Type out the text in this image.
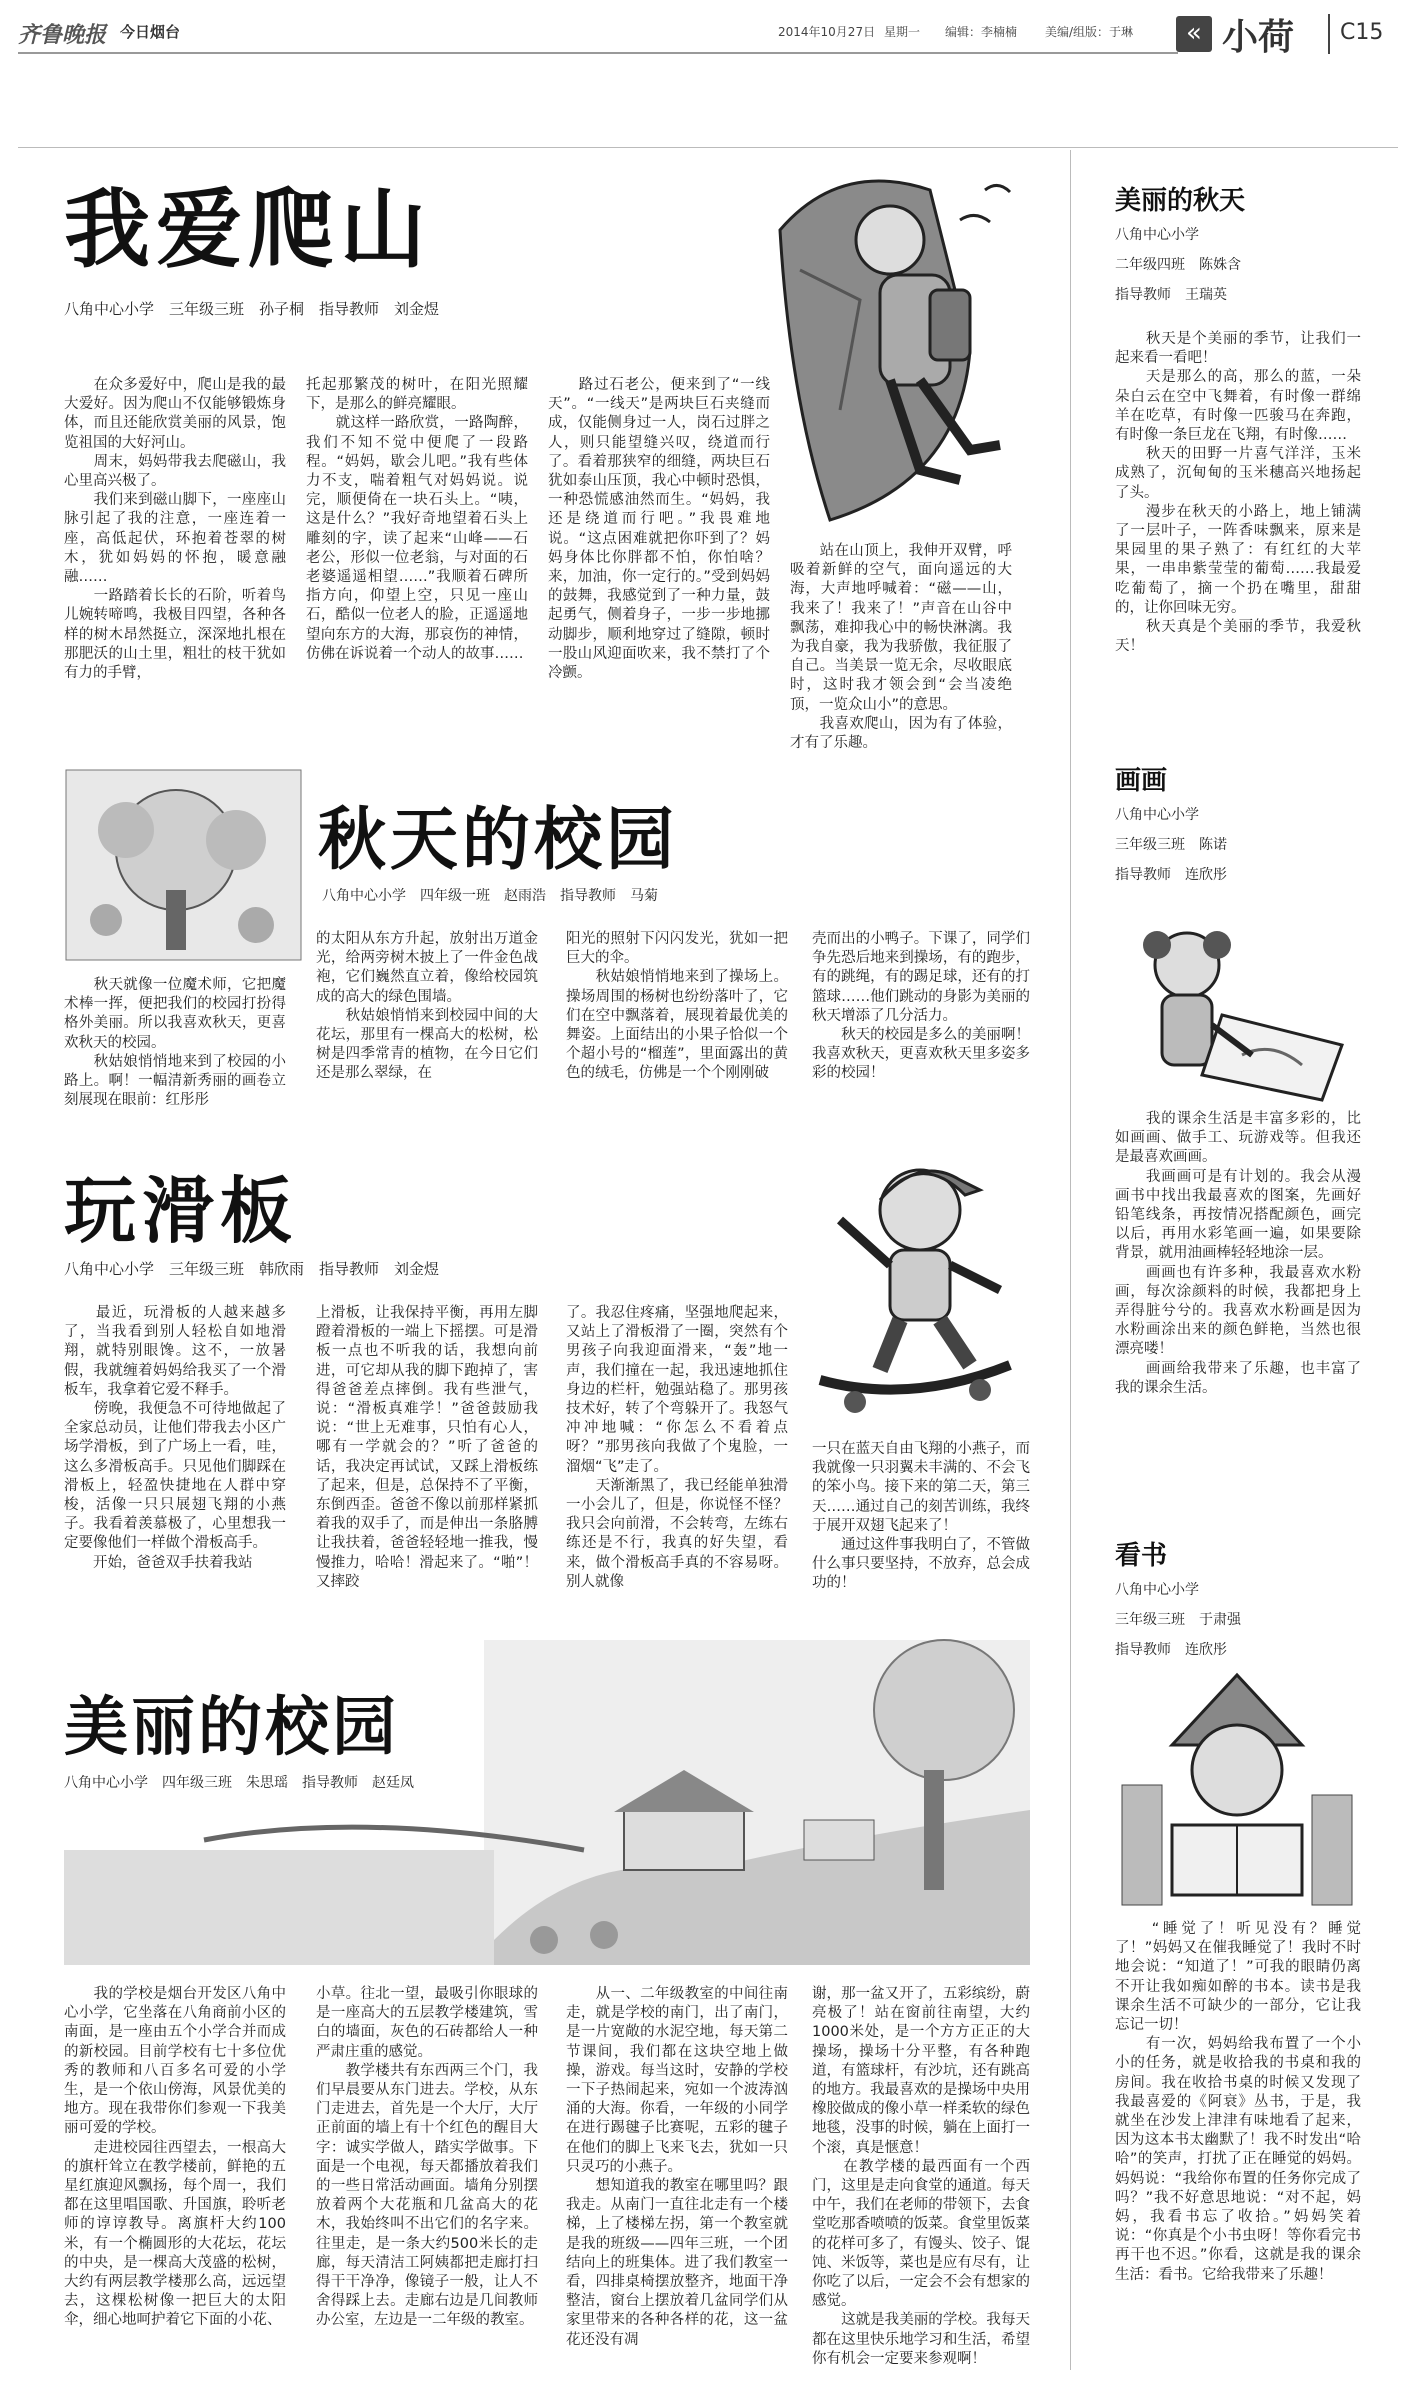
齐鲁晚报 今日烟台	2014年10月27日 星期一 编辑：李楠楠 美编/组版：于琳	« 小荷 C15
我爱爬山
八角中心小学　三年级三班　孙子桐　指导教师　刘金煜
　　在众多爱好中，爬山是我的最大爱好。因为爬山不仅能够锻炼身体，而且还能欣赏美丽的风景，饱览祖国的大好河山。
　　周末，妈妈带我去爬磁山，我心里高兴极了。
　　我们来到磁山脚下，一座座山脉引起了我的注意，一座连着一座，高低起伏，环抱着苍翠的树木，犹如妈妈的怀抱，暖意融融……
　　一路踏着长长的石阶，听着鸟儿婉转啼鸣，我极目四望，各种各样的树木昂然挺立，深深地扎根在那肥沃的山土里，粗壮的枝干犹如有力的手臂，
托起那繁茂的树叶，在阳光照耀下，是那么的鲜亮耀眼。
　　就这样一路欣赏，一路陶醉，我们不知不觉中便爬了一段路程。“妈妈，歇会儿吧。”我有些体力不支，喘着粗气对妈妈说。说完，顺便倚在一块石头上。“咦，这是什么？”我好奇地望着石头上雕刻的字，读了起来“山峰——石老公，形似一位老翁，与对面的石老婆遥遥相望……”我顺着石碑所指方向，仰望上空，只见一座山石，酷似一位老人的脸，正遥遥地望向东方的大海，那哀伤的神情，仿佛在诉说着一个动人的故事……
　　路过石老公，便来到了“一线天”。“一线天”是两块巨石夹缝而成，仅能侧身过一人，岗石过胖之人，则只能望缝兴叹，绕道而行了。看着那狭窄的细缝，两块巨石犹如泰山压顶，我心中顿时恐惧，一种恐慌感油然而生。“妈妈，我还是绕道而行吧。”我畏难地说。“这点困难就把你吓到了？妈妈身体比你胖都不怕，你怕啥？来，加油，你一定行的。”受到妈妈的鼓舞，我感觉到了一种力量，鼓起勇气，侧着身子，一步一步地挪动脚步，顺利地穿过了缝隙，顿时一股山风迎面吹来，我不禁打了个冷颤。
　　站在山顶上，我伸开双臂，呼吸着新鲜的空气，面向遥远的大海，大声地呼喊着：“磁——山，我来了！我来了！”声音在山谷中飘荡，难抑我心中的畅快淋漓。我为我自豪，我为我骄傲，我征服了自己。当美景一览无余，尽收眼底时，这时我才领会到“会当凌绝顶，一览众山小”的意思。
　　我喜欢爬山，因为有了体验，才有了乐趣。
秋天的校园
八角中心小学　四年级一班　赵雨浩　指导教师　马菊
　　秋天就像一位魔术师，它把魔术棒一挥，便把我们的校园打扮得格外美丽。所以我喜欢秋天，更喜欢秋天的校园。
　　秋姑娘悄悄地来到了校园的小路上。啊！一幅清新秀丽的画卷立刻展现在眼前：红彤彤
的太阳从东方升起，放射出万道金光，给两旁树木披上了一件金色战袍，它们巍然直立着，像给校园筑成的高大的绿色围墙。
　　秋姑娘悄悄来到校园中间的大花坛，那里有一棵高大的松树，松树是四季常青的植物，在今日它们还是那么翠绿，在
阳光的照射下闪闪发光，犹如一把巨大的伞。
　　秋姑娘悄悄地来到了操场上。操场周围的杨树也纷纷落叶了，它们在空中飘落着，展现着最优美的舞姿。上面结出的小果子恰似一个个超小号的“榴莲”，里面露出的黄色的绒毛，仿佛是一个个刚刚破
壳而出的小鸭子。下课了，同学们争先恐后地来到操场，有的跑步，有的跳绳，有的踢足球，还有的打篮球……他们跳动的身影为美丽的秋天增添了几分活力。
　　秋天的校园是多么的美丽啊！我喜欢秋天，更喜欢秋天里多姿多彩的校园！
玩滑板
八角中心小学　三年级三班　韩欣雨　指导教师　刘金煜
　　最近，玩滑板的人越来越多了，当我看到别人轻松自如地滑翔，就特别眼馋。这不，一放暑假，我就缠着妈妈给我买了一个滑板车，我拿着它爱不释手。
　　傍晚，我便急不可待地做起了全家总动员，让他们带我去小区广场学滑板，到了广场上一看，哇，这么多滑板高手。只见他们脚踩在滑板上，轻盈快捷地在人群中穿梭，活像一只只展翅飞翔的小燕子。我看着羡慕极了，心里想我一定要像他们一样做个滑板高手。
　　开始，爸爸双手扶着我站
上滑板，让我保持平衡，再用左脚蹬着滑板的一端上下摇摆。可是滑板一点也不听我的话，我想向前进，可它却从我的脚下跑掉了，害得爸爸差点摔倒。我有些泄气，说：“滑板真难学！”爸爸鼓励我说：“世上无难事，只怕有心人，哪有一学就会的？”听了爸爸的话，我决定再试试，又踩上滑板练了起来，但是，总保持不了平衡，东倒西歪。爸爸不像以前那样紧抓着我的双手了，而是伸出一条胳膊让我扶着，爸爸轻轻地一推我，慢慢推力，哈哈！滑起来了。“啪”！又摔跤
了。我忍住疼痛，坚强地爬起来，又站上了滑板滑了一圈，突然有个男孩子向我迎面滑来，“轰”地一声，我们撞在一起，我迅速地抓住身边的栏杆，勉强站稳了。那男孩技术好，转了个弯躲开了。我怒气冲冲地喊：“你怎么不看着点呀？”那男孩向我做了个鬼脸，一溜烟“飞”走了。
　　天渐渐黑了，我已经能单独滑一小会儿了，但是，你说怪不怪？我只会向前滑，不会转弯，左练右练还是不行，我真的好失望，看来，做个滑板高手真的不容易呀。别人就像
一只在蓝天自由飞翔的小燕子，而我就像一只羽翼未丰满的、不会飞的笨小鸟。接下来的第二天，第三天……通过自己的刻苦训练，我终于展开双翅飞起来了！
　　通过这件事我明白了，不管做什么事只要坚持，不放弃，总会成功的！
美丽的校园
八角中心小学　四年级三班　朱思瑶　指导教师　赵廷凤
　　我的学校是烟台开发区八角中心小学，它坐落在八角商前小区的南面，是一座由五个小学合并而成的新校园。目前学校有七十多位优秀的教师和八百多名可爱的小学生，是一个依山傍海，风景优美的地方。现在我带你们参观一下我美丽可爱的学校。
　　走进校园往西望去，一根高大的旗杆耸立在教学楼前，鲜艳的五星红旗迎风飘扬，每个周一，我们都在这里唱国歌、升国旗，聆听老师的谆谆教导。离旗杆大约100米，有一个椭圆形的大花坛，花坛的中央，是一棵高大茂盛的松树，大约有两层教学楼那么高，远远望去，这棵松树像一把巨大的太阳伞，细心地呵护着它下面的小花、
小草。往北一望，最吸引你眼球的是一座高大的五层教学楼建筑，雪白的墙面，灰色的石砖都给人一种严肃庄重的感觉。
　　教学楼共有东西两三个门，我们早晨要从东门进去。学校，从东门走进去，首先是一个大厅，大厅正前面的墙上有十个红色的醒目大字：诚实学做人，踏实学做事。下面是一个电视，每天都播放着我们的一些日常活动画面。墙角分别摆放着两个大花瓶和几盆高大的花木，我始终叫不出它们的名字来。往里走，是一条大约500米长的走廊，每天清洁工阿姨都把走廊打扫得干干净净，像镜子一般，让人不舍得踩上去。走廊右边是几间教师办公室，左边是一二年级的教室。
　　从一、二年级教室的中间往南走，就是学校的南门，出了南门，是一片宽敞的水泥空地，每天第二节课间，我们都在这块空地上做操，游戏。每当这时，安静的学校一下子热闹起来，宛如一个波涛汹涌的大海。你看，一年级的小同学在进行踢毽子比赛呢，五彩的毽子在他们的脚上飞来飞去，犹如一只只灵巧的小燕子。
　　想知道我的教室在哪里吗？跟我走。从南门一直往北走有一个楼梯，上了楼梯左拐，第一个教室就是我的班级——四年三班，一个团结向上的班集体。进了我们教室一看，四排桌椅摆放整齐，地面干净整洁，窗台上摆放着几盆同学们从家里带来的各种各样的花，这一盆花还没有凋
谢，那一盆又开了，五彩缤纷，蔚亮极了！站在窗前往南望，大约1000米处，是一个方方正正的大操场，操场十分平整，有各种跑道，有篮球杆，有沙坑，还有跳高的地方。我最喜欢的是操场中央用橡胶做成的像小草一样柔软的绿色地毯，没事的时候，躺在上面打一个滚，真是惬意！
　　在教学楼的最西面有一个西门，这里是走向食堂的通道。每天中午，我们在老师的带领下，去食堂吃那香喷喷的饭菜。食堂里饭菜的花样可多了，有馒头、饺子、馄饨、米饭等，菜也是应有尽有，让你吃了以后，一定会不会有想家的感觉。
　　这就是我美丽的学校。我每天都在这里快乐地学习和生活，希望你有机会一定要来参观啊！
美丽的秋天
八角中心小学
二年级四班　陈姝含
指导教师　王瑞英
　　秋天是个美丽的季节，让我们一起来看一看吧！
　　天是那么的高，那么的蓝，一朵朵白云在空中飞舞着，有时像一群绵羊在吃草，有时像一匹骏马在奔跑，有时像一条巨龙在飞翔，有时像……
　　秋天的田野一片喜气洋洋，玉米成熟了，沉甸甸的玉米穗高兴地扬起了头。
　　漫步在秋天的小路上，地上铺满了一层叶子，一阵香味飘来，原来是果园里的果子熟了：有红红的大苹果，一串串紫莹莹的葡萄……我最爱吃葡萄了，摘一个扔在嘴里，甜甜的，让你回味无穷。
　　秋天真是个美丽的季节，我爱秋天！
画画
八角中心小学
三年级三班　陈诺
指导教师　连欣彤
　　我的课余生活是丰富多彩的，比如画画、做手工、玩游戏等。但我还是最喜欢画画。
　　我画画可是有计划的。我会从漫画书中找出我最喜欢的图案，先画好铅笔线条，再按情况搭配颜色，画完以后，再用水彩笔画一遍，如果要除背景，就用油画棒轻轻地涂一层。
　　画画也有许多种，我最喜欢水粉画，每次涂颜料的时候，我都把身上弄得脏兮兮的。我喜欢水粉画是因为水粉画涂出来的颜色鲜艳，当然也很漂亮喽！
　　画画给我带来了乐趣，也丰富了我的课余生活。
看书
八角中心小学
三年级三班　于肃强
指导教师　连欣彤
　　“睡觉了！听见没有？睡觉了！”妈妈又在催我睡觉了！我时不时地会说：“知道了！”可我的眼睛仍离不开让我如痴如醉的书本。读书是我课余生活不可缺少的一部分，它让我忘记一切！
　　有一次，妈妈给我布置了一个小小的任务，就是收拾我的书桌和我的房间。我在收拾书桌的时候又发现了我最喜爱的《阿衰》丛书，于是，我就坐在沙发上津津有味地看了起来，因为这本书太幽默了！我不时发出“哈哈”的笑声，打扰了正在睡觉的妈妈。妈妈说：“我给你布置的任务你完成了吗？”我不好意思地说：“对不起，妈妈，我看书忘了收拾。”妈妈笑着说：“你真是个小书虫呀！等你看完书再干也不迟。”你看，这就是我的课余生活：看书。它给我带来了乐趣！
